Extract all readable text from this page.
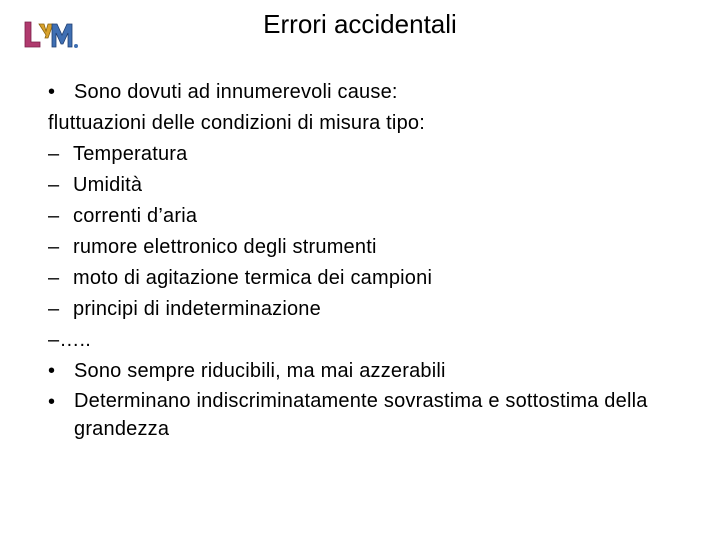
Errori accidentali
• Sono dovuti ad innumerevoli cause:
fluttuazioni delle condizioni di misura tipo:
– Temperatura
– Umidità
– correnti d’aria
– rumore elettronico degli strumenti
– moto di agitazione termica dei campioni
– principi di indeterminazione
–…..
• Sono sempre riducibili, ma mai azzerabili
• Determinano indiscriminatamente sovrastima e sottostima della grandezza
